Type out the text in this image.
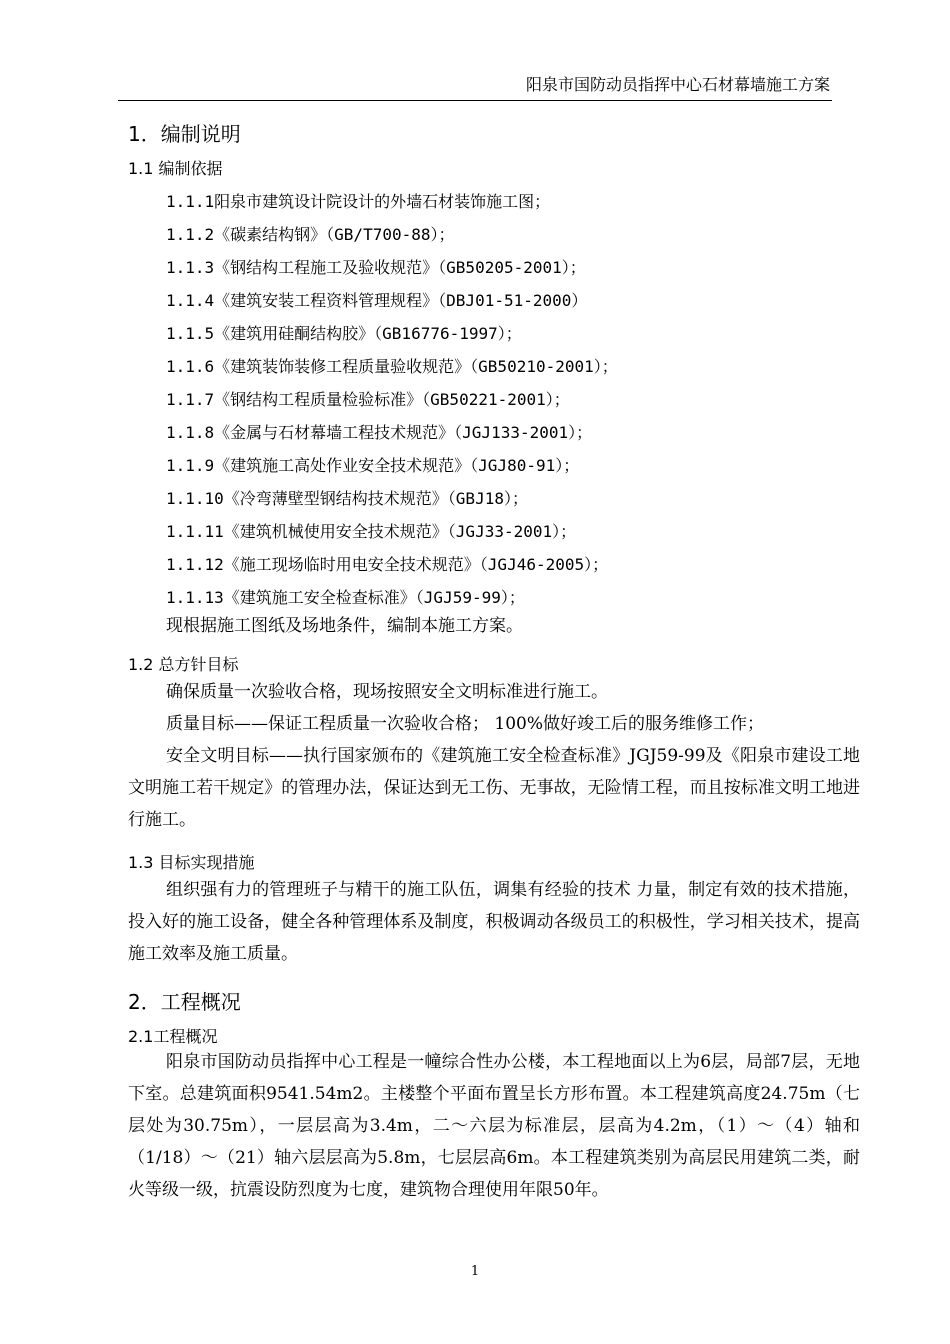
阳泉市国防动员指挥中心石材幕墙施工方案
1．编制说明
1.1 编制依据
1.1.1阳泉市建筑设计院设计的外墙石材装饰施工图；
1.1.2《碳素结构钢》（GB/T700-88）；
1.1.3《钢结构工程施工及验收规范》（GB50205-2001）；
1.1.4《建筑安装工程资料管理规程》（DBJ01-51-2000）
1.1.5《建筑用硅酮结构胶》（GB16776-1997）；
1.1.6《建筑装饰装修工程质量验收规范》（GB50210-2001）；
1.1.7《钢结构工程质量检验标准》（GB50221-2001）；
1.1.8《金属与石材幕墙工程技术规范》（JGJ133-2001）；
1.1.9《建筑施工高处作业安全技术规范》（JGJ80-91）；
1.1.10《冷弯薄壁型钢结构技术规范》（GBJ18）；
1.1.11《建筑机械使用安全技术规范》（JGJ33-2001）；
1.1.12《施工现场临时用电安全技术规范》（JGJ46-2005）；
1.1.13《建筑施工安全检查标准》（JGJ59-99）；
现根据施工图纸及场地条件，编制本施工方案。
1.2 总方针目标
确保质量一次验收合格，现场按照安全文明标准进行施工。
质量目标——保证工程质量一次验收合格； 100%做好竣工后的服务维修工作；
安全文明目标——执行国家颁布的《建筑施工安全检查标准》JGJ59-99及《阳泉市建设工地文明施工若干规定》的管理办法，保证达到无工伤、无事故，无险情工程，而且按标准文明工地进行施工。
1.3 目标实现措施
组织强有力的管理班子与精干的施工队伍，调集有经验的技术 力量，制定有效的技术措施，投入好的施工设备，健全各种管理体系及制度，积极调动各级员工的积极性，学习相关技术，提高施工效率及施工质量。
2．工程概况
2.1工程概况
阳泉市国防动员指挥中心工程是一幢综合性办公楼，本工程地面以上为6层，局部7层，无地下室。总建筑面积9541.54m2。主楼整个平面布置呈长方形布置。本工程建筑高度24.75m（七层处为30.75m），一层层高为3.4m，二～六层为标准层，层高为4.2m，（1）～（4）轴和（1/18）～（21）轴六层层高为5.8m，七层层高6m。本工程建筑类别为高层民用建筑二类，耐火等级一级，抗震设防烈度为七度，建筑物合理使用年限50年。
1
